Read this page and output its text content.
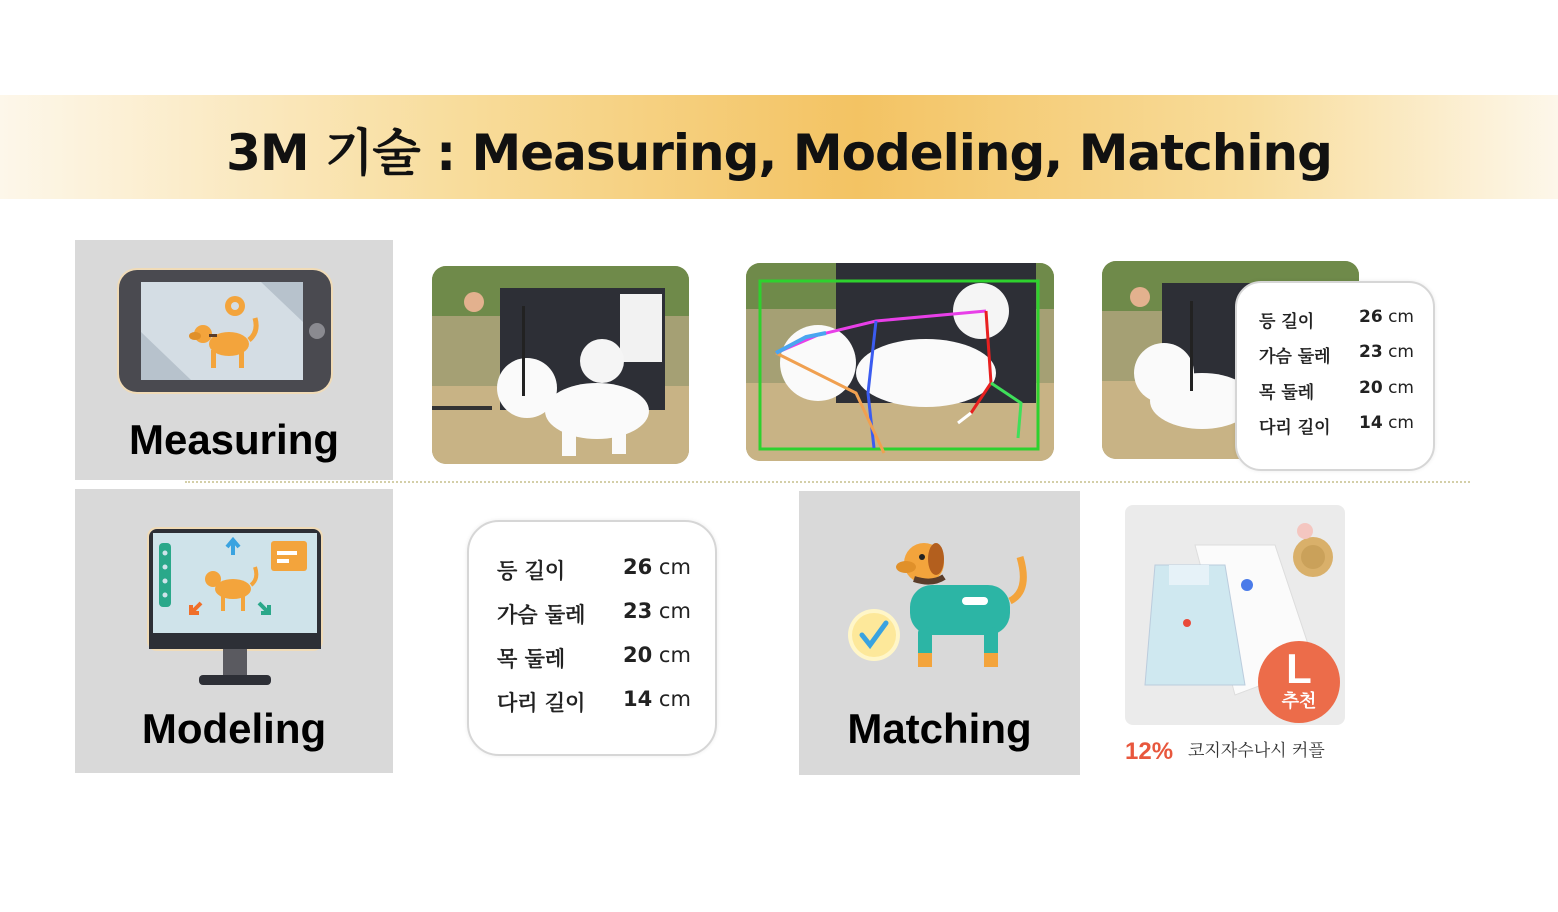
3M 기술 : Measuring, Modeling, Matching
Measuring
등 길이	26 cm
가슴 둘레 23 cm
목 둘레	20 cm
다리 길이 14 cm
Modeling
등 길이	26 cm
가슴 둘레 23 cm
목 둘레	20 cm
다리 길이 14 cm
Matching
L
추천
12% 코지자수나시 커플
